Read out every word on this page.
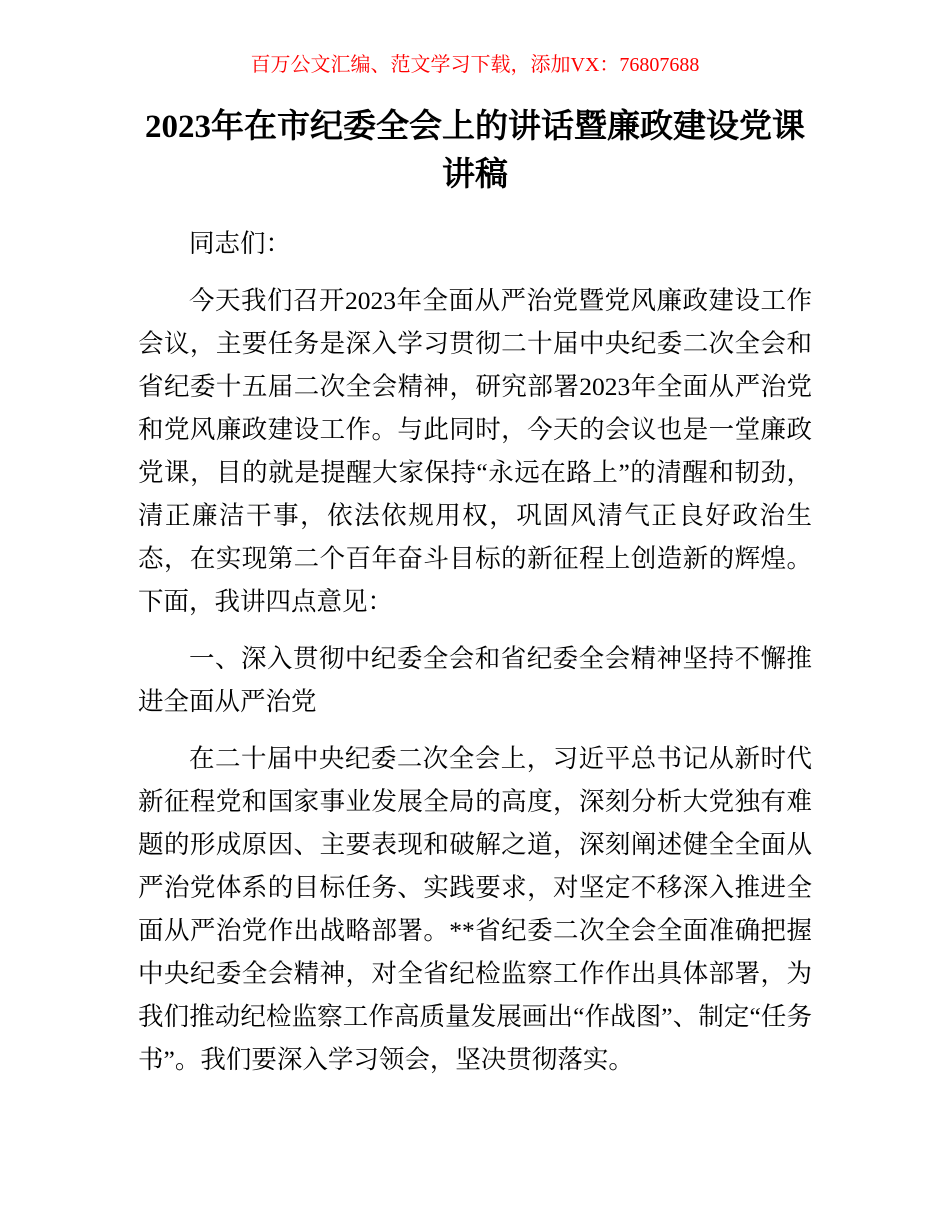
百万公文汇编、范文学习下载，添加VX：76807688
2023年在市纪委全会上的讲话暨廉政建设党课讲稿

同志们：

今天我们召开2023年全面从严治党暨党风廉政建设工作会议，主要任务是深入学习贯彻二十届中央纪委二次全会和省纪委十五届二次全会精神，研究部署2023年全面从严治党和党风廉政建设工作。与此同时，今天的会议也是一堂廉政党课，目的就是提醒大家保持“永远在路上”的清醒和韧劲，清正廉洁干事，依法依规用权，巩固风清气正良好政治生态，在实现第二个百年奋斗目标的新征程上创造新的辉煌。下面，我讲四点意见：

一、深入贯彻中纪委全会和省纪委全会精神坚持不懈推进全面从严治党

在二十届中央纪委二次全会上，习近平总书记从新时代新征程党和国家事业发展全局的高度，深刻分析大党独有难题的形成原因、主要表现和破解之道，深刻阐述健全全面从严治党体系的目标任务、实践要求，对坚定不移深入推进全面从严治党作出战略部署。**省纪委二次全会全面准确把握中央纪委全会精神，对全省纪检监察工作作出具体部署，为我们推动纪检监察工作高质量发展画出“作战图”、制定“任务书”。我们要深入学习领会，坚决贯彻落实。
